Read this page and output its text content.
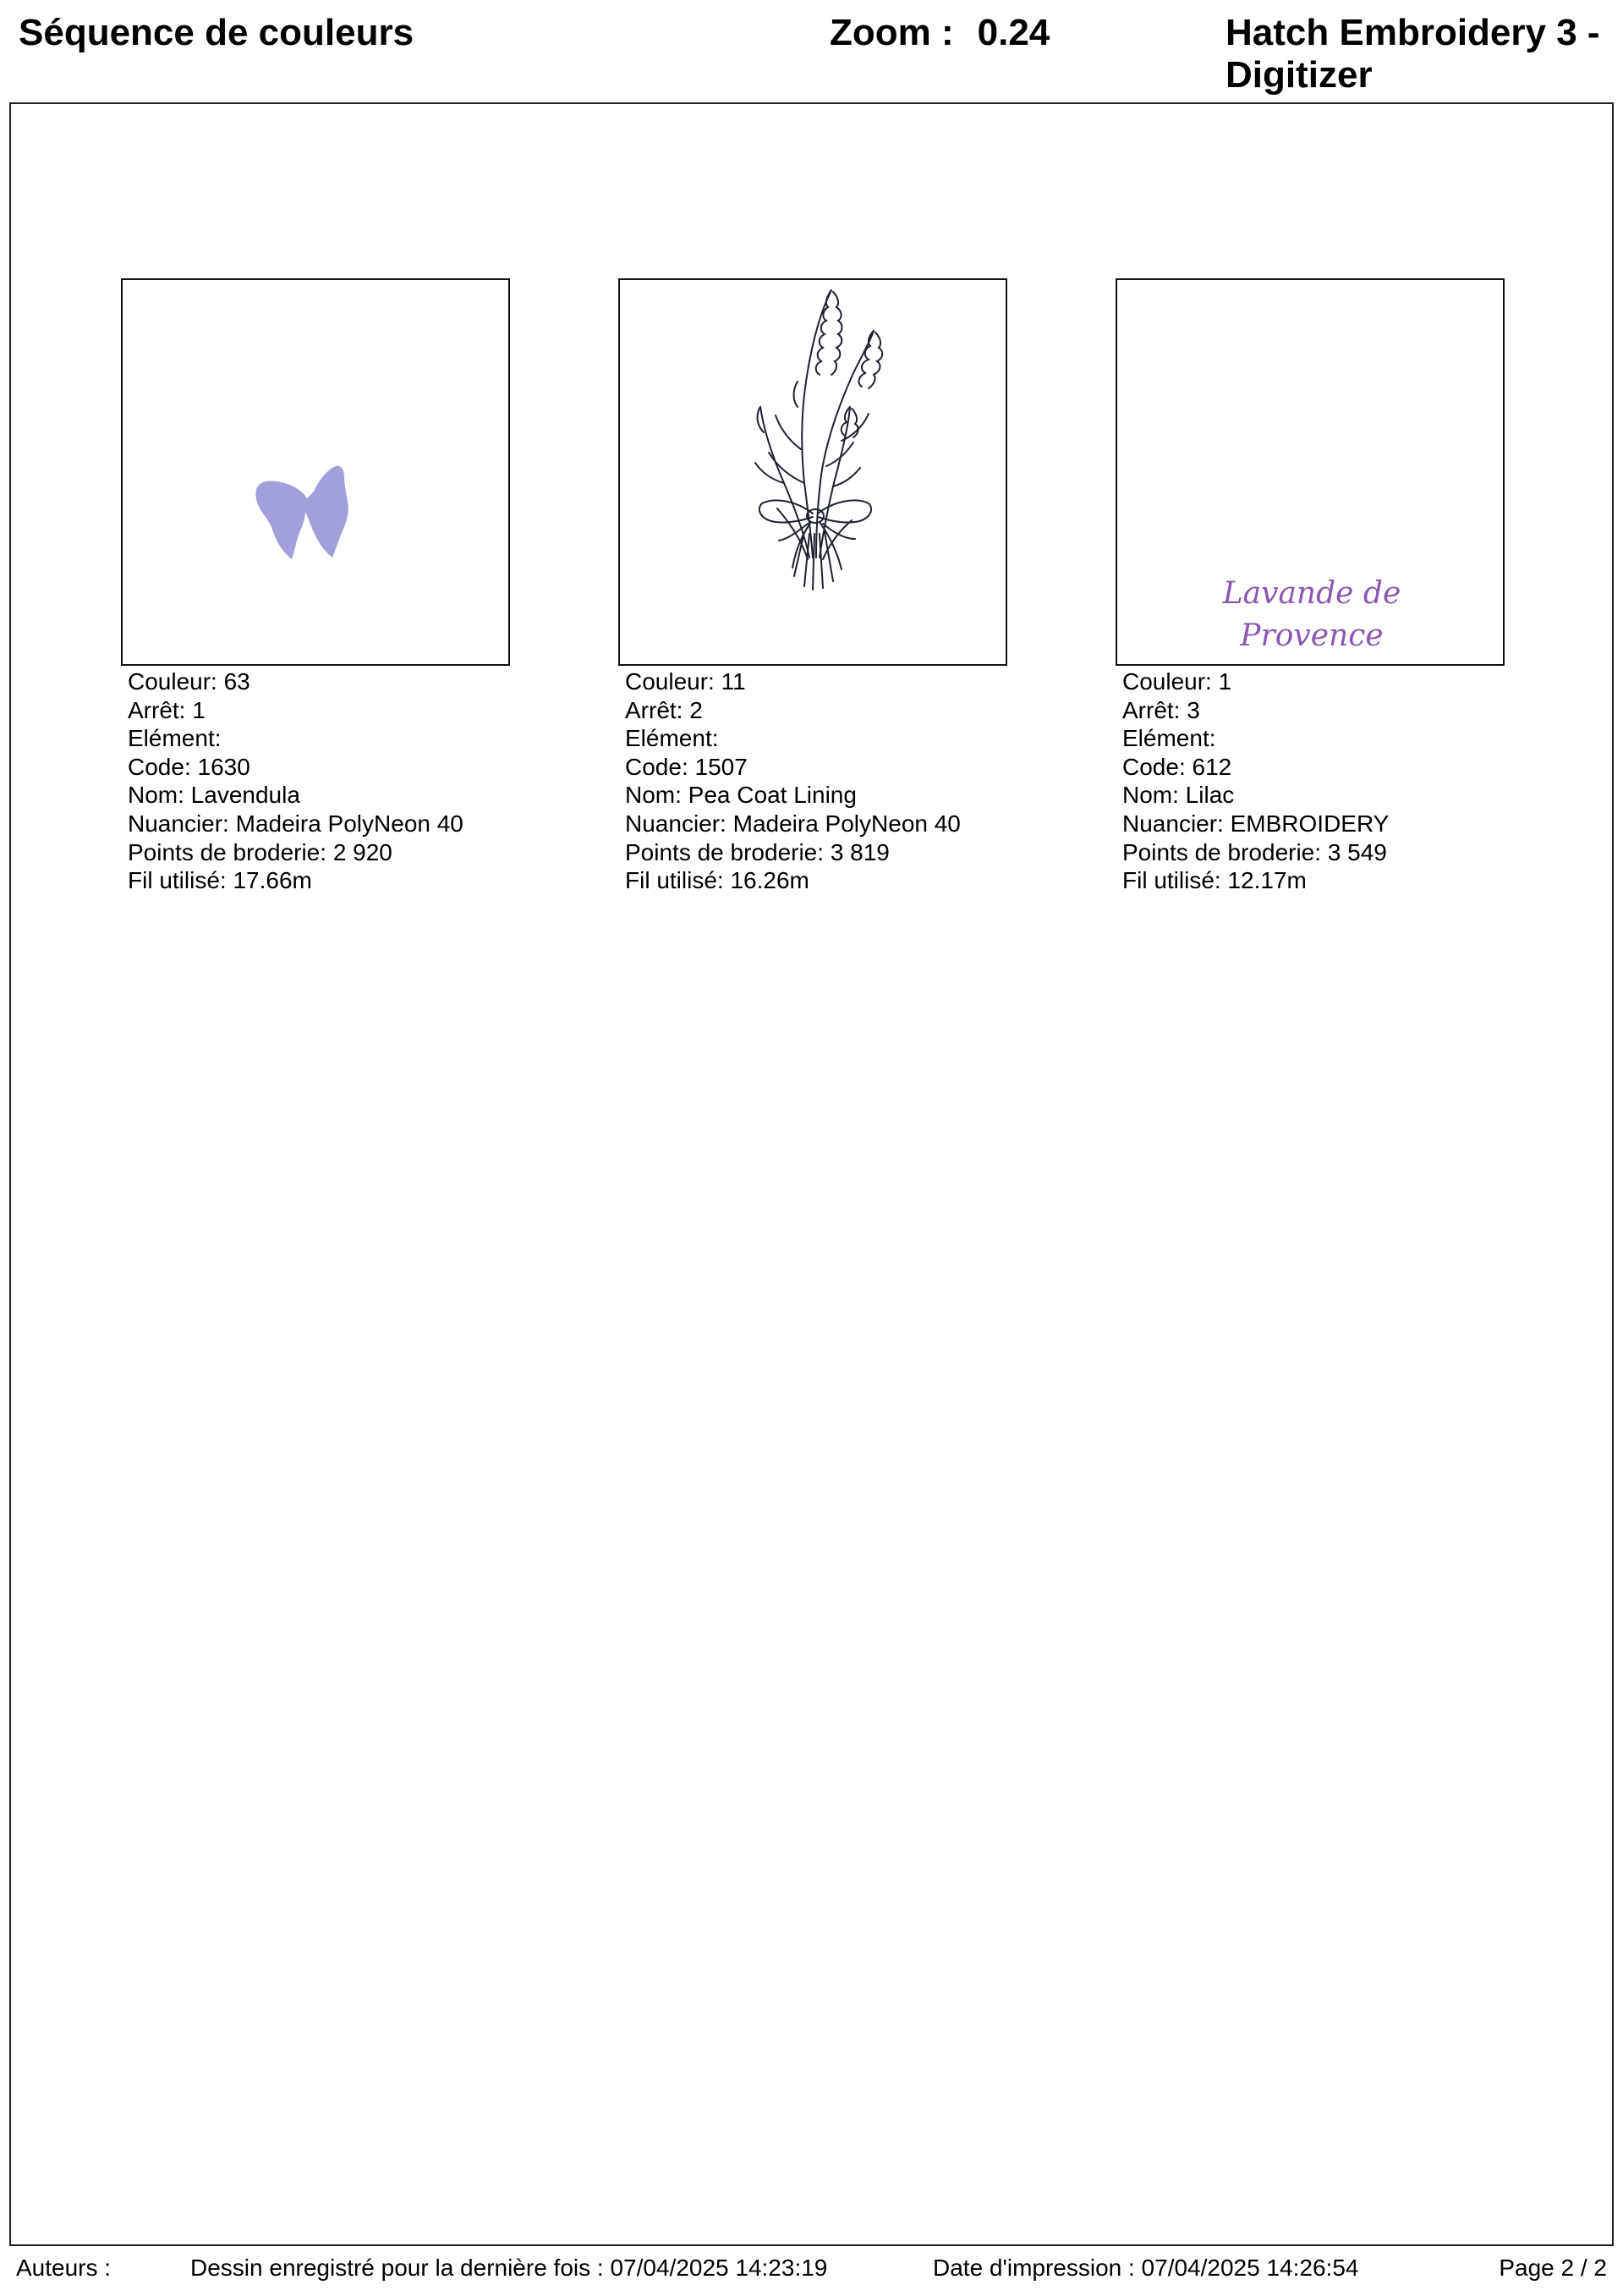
Séquence de couleurs	Zoom : 0.24	Hatch Embroidery 3 -
Digitizer
Couleur: 63
Arrêt: 1
Elément:
Code: 1630
Nom: Lavendula
Nuancier: Madeira PolyNeon 40
Points de broderie: 2 920
Fil utilisé: 17.66m
Couleur: 11
Arrêt: 2
Elément:
Code: 1507
Nom: Pea Coat Lining
Nuancier: Madeira PolyNeon 40
Points de broderie: 3 819
Fil utilisé: 16.26m
Lavande de
Provence
Couleur: 1
Arrêt: 3
Elément:
Code: 612
Nom: Lilac
Nuancier: EMBROIDERY
Points de broderie: 3 549
Fil utilisé: 12.17m
Auteurs :	Dessin enregistré pour la dernière fois : 07/04/2025 14:23:19	Date d'impression : 07/04/2025 14:26:54	Page 2 / 2
